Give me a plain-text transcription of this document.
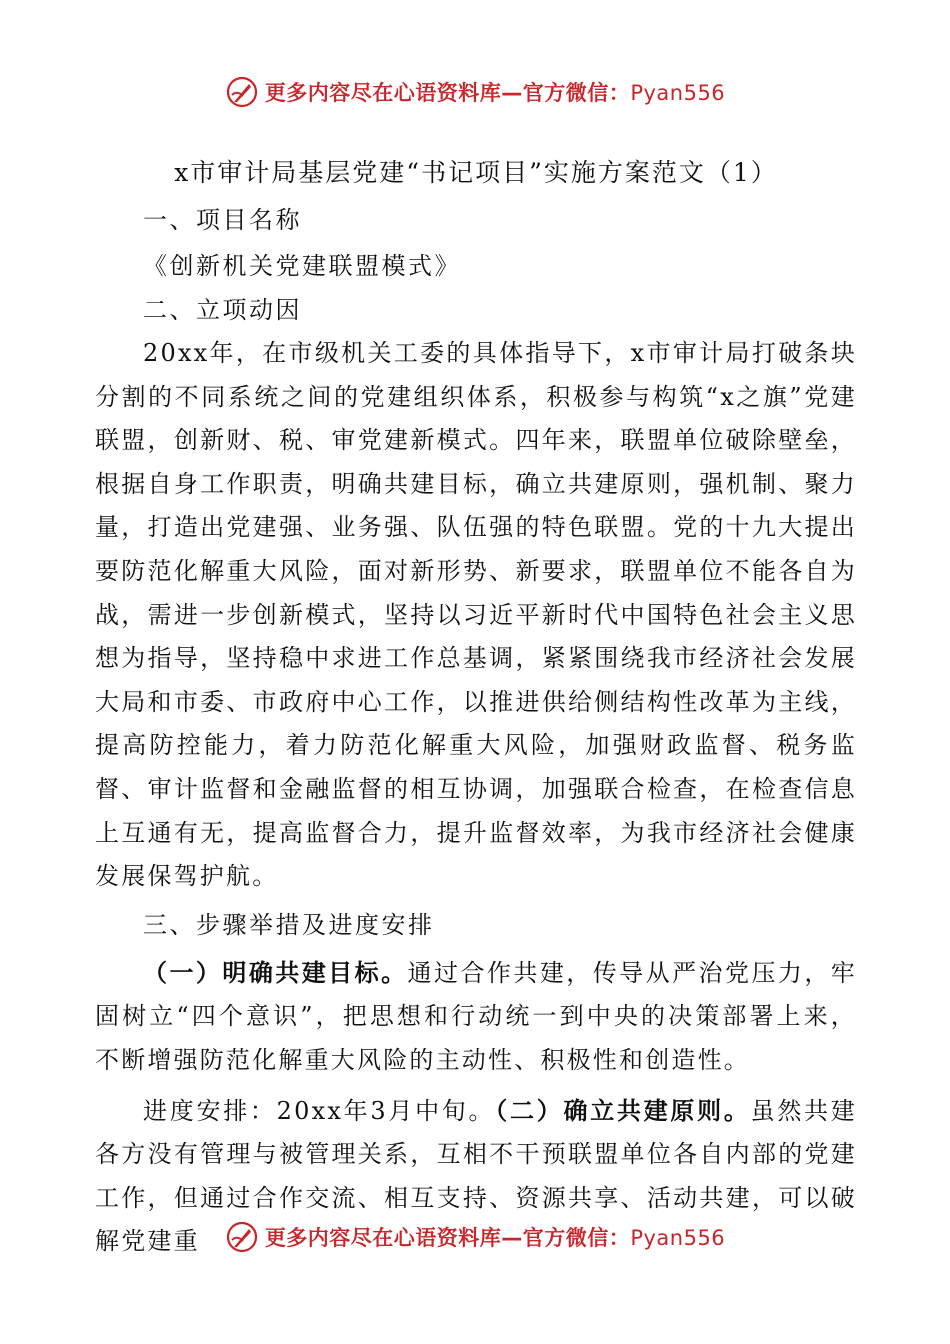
更多内容尽在心语资料库—官方微信：Pyan556

x市审计局基层党建“书记项目”实施方案范文（1）

一、项目名称

《创新机关党建联盟模式》

二、立项动因

20xx年，在市级机关工委的具体指导下，x市审计局打破条块分割的不同系统之间的党建组织体系，积极参与构筑“x之旗”党建联盟，创新财、税、审党建新模式。四年来，联盟单位破除壁垒，根据自身工作职责，明确共建目标，确立共建原则，强机制、聚力量，打造出党建强、业务强、队伍强的特色联盟。党的十九大提出要防范化解重大风险，面对新形势、新要求，联盟单位不能各自为战，需进一步创新模式，坚持以习近平新时代中国特色社会主义思想为指导，坚持稳中求进工作总基调，紧紧围绕我市经济社会发展大局和市委、市政府中心工作，以推进供给侧结构性改革为主线，提高防控能力，着力防范化解重大风险，加强财政监督、税务监督、审计监督和金融监督的相互协调，加强联合检查，在检查信息上互通有无，提高监督合力，提升监督效率，为我市经济社会健康发展保驾护航。

三、步骤举措及进度安排

（一）明确共建目标。通过合作共建，传导从严治党压力，牢固树立“四个意识”，把思想和行动统一到中央的决策部署上来，不断增强防范化解重大风险的主动性、积极性和创造性。

进度安排：20xx年3月中旬。（二）确立共建原则。虽然共建各方没有管理与被管理关系，互相不干预联盟单位各自内部的党建工作，但通过合作交流、相互支持、资源共享、活动共建，可以破解党建重	更多内容尽在心语资料库—官方微信：Pyan556
